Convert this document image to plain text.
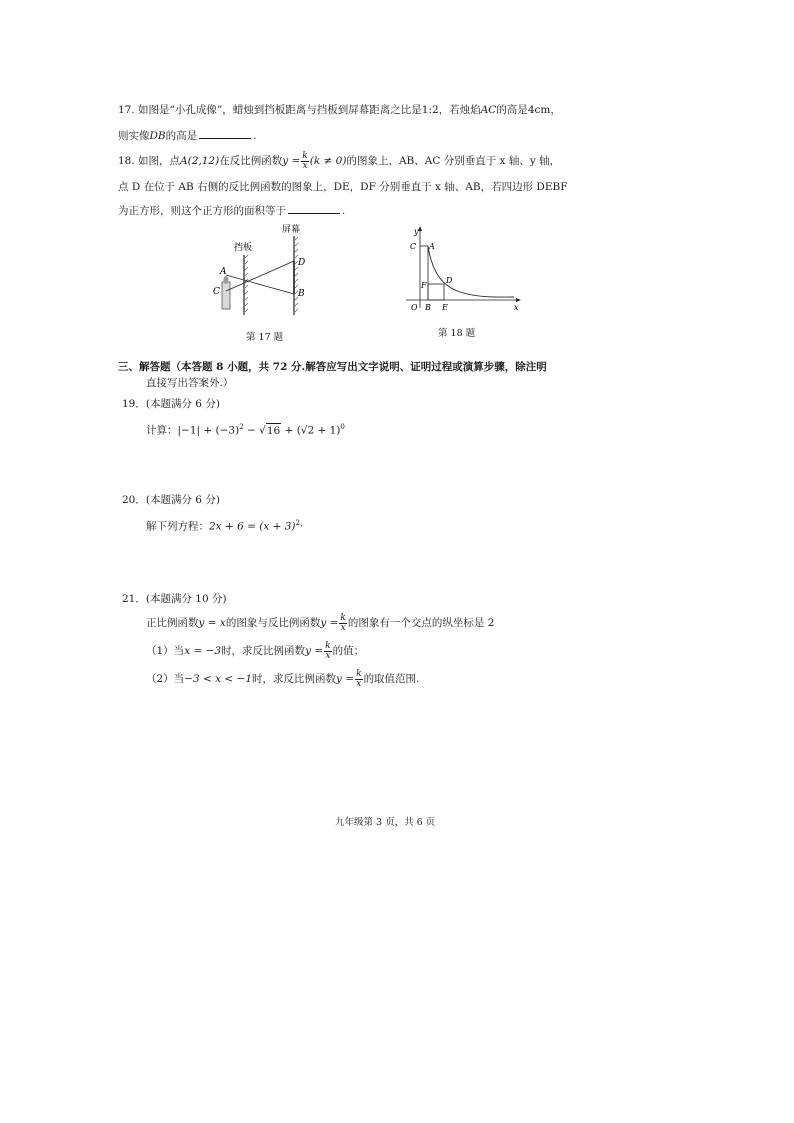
17. 如图是“小孔成像”，蜡烛到挡板距离与挡板到屏幕距离之比是1:2，若烛焰AC的高是4cm，
则实像DB的高是	.
18. 如图，点A(2,12)在反比例函数$y = \frac{k}{x} (k \ne 0)$的图象上，AB、AC 分别垂直于 x 轴、y 轴，
点 D 在位于 AB 右侧的反比例函数的图象上，DE，DF 分别垂直于 x 轴、AB，若四边形 DEBF
为正方形，则这个正方形的面积等于	.
挡板
屏幕
A
C
D
B
第 17 题
y
x
C A
D
F
O B E
第 18 题
三、解答题（本答题 8 小题，共 72 分.解答应写出文字说明、证明过程或演算步骤，除注明
直接写出答案外.）
19．(本题满分 6 分)
计算：$|-1| + (-3)^2 - √16 + (√2 + 1)^0$
20．(本题满分 6 分)
解下列方程：$2x + 6 = (x + 3)^2\cdot$
21．(本题满分 10 分)
正比例函数y = x的图象与反比例函数$y = \frac{k}{x}$ 的图象有一个交点的纵坐标是 2
（1）当x = −3时，求反比例函数$y = \frac{k}{x}$ 的值；
（2）当−3 < x < −1时，求反比例函数$y = \frac{k}{x}$ 的取值范围.
九年级第 3 页，共 6 页
